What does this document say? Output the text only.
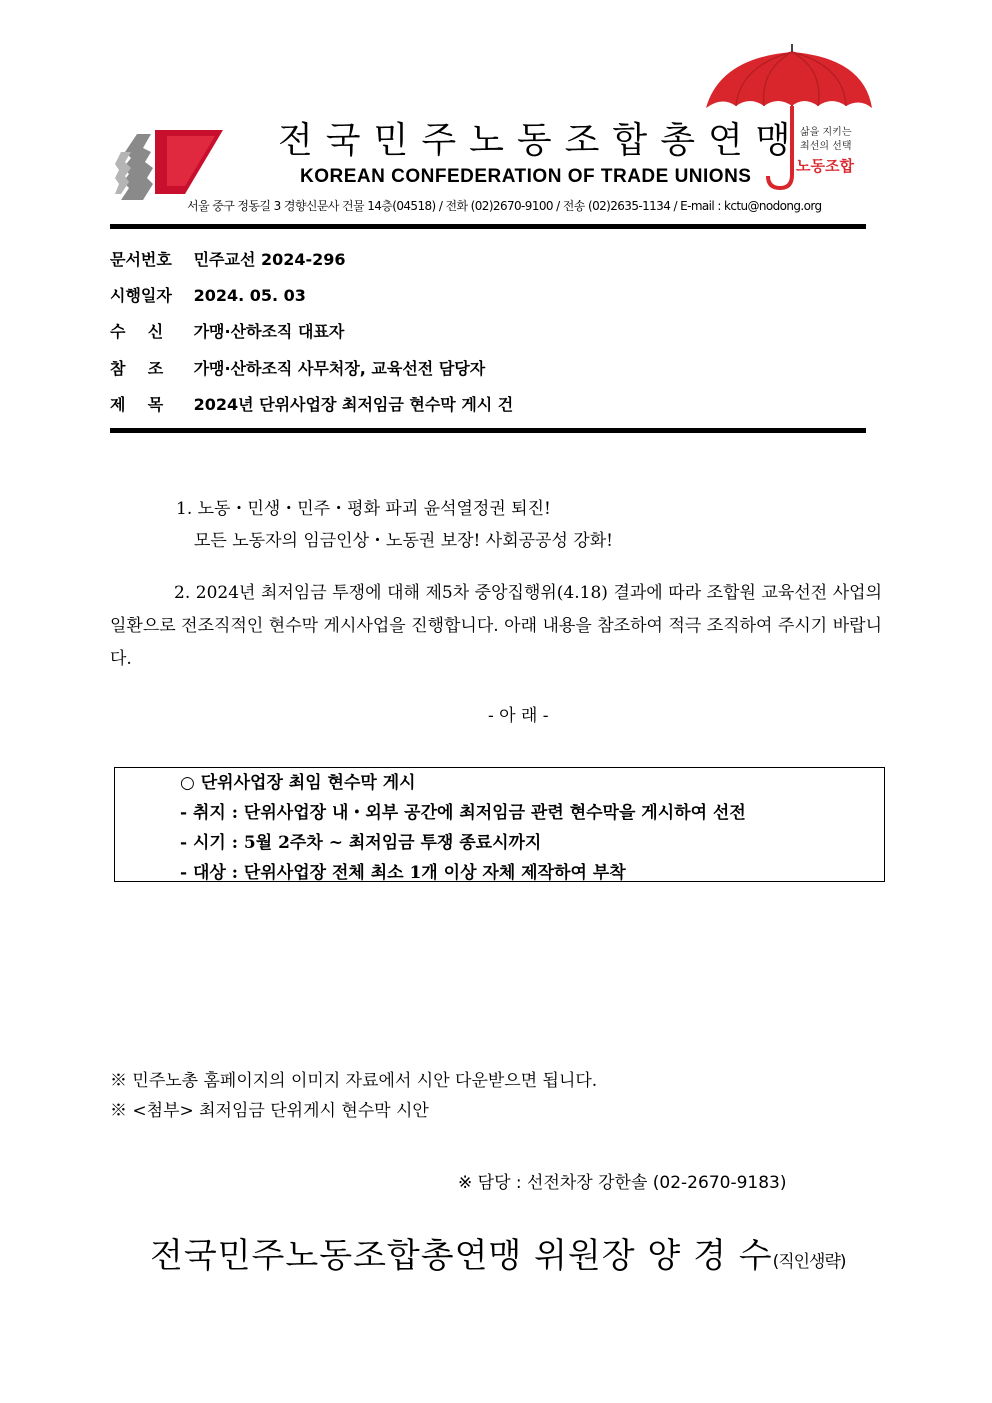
전국민주노동조합총연맹
KOREAN CONFEDERATION OF TRADE UNIONS
서울 중구 정동길 3 경향신문사 건물 14층(04518) / 전화 (02)2670-9100 / 전송 (02)2635-1134 / E-mail : kctu@nodong.org
삶을 지키는
최선의 선택
노동조합
문서번호 민주교선 2024-296
시행일자 2024. 05. 03
수    신 가맹·산하조직 대표자
참    조 가맹·산하조직 사무처장, 교육선전 담당자
제    목 2024년 단위사업장 최저임금 현수막 게시 건
1. 노동・민생・민주・평화 파괴 윤석열정권 퇴진!
모든 노동자의 임금인상・노동권 보장! 사회공공성 강화!
2. 2024년 최저임금 투쟁에 대해 제5차 중앙집행위(4.18) 결과에 따라 조합원 교육선전 사업의 일환으로 전조직적인 현수막 게시사업을 진행합니다. 아래 내용을 참조하여 적극 조직하여 주시기 바랍니다.
- 아 래 -
○ 단위사업장 최임 현수막 게시
- 취지 : 단위사업장 내・외부 공간에 최저임금 관련 현수막을 게시하여 선전
- 시기 : 5월 2주차 ~ 최저임금 투쟁 종료시까지
- 대상 : 단위사업장 전체 최소 1개 이상 자체 제작하여 부착
※ 민주노총 홈페이지의 이미지 자료에서 시안 다운받으면 됩니다.
※ <첨부> 최저임금 단위게시 현수막 시안
※ 담당 : 선전차장 강한솔 (02-2670-9183)
전국민주노동조합총연맹 위원장 양 경 수(직인생략)
